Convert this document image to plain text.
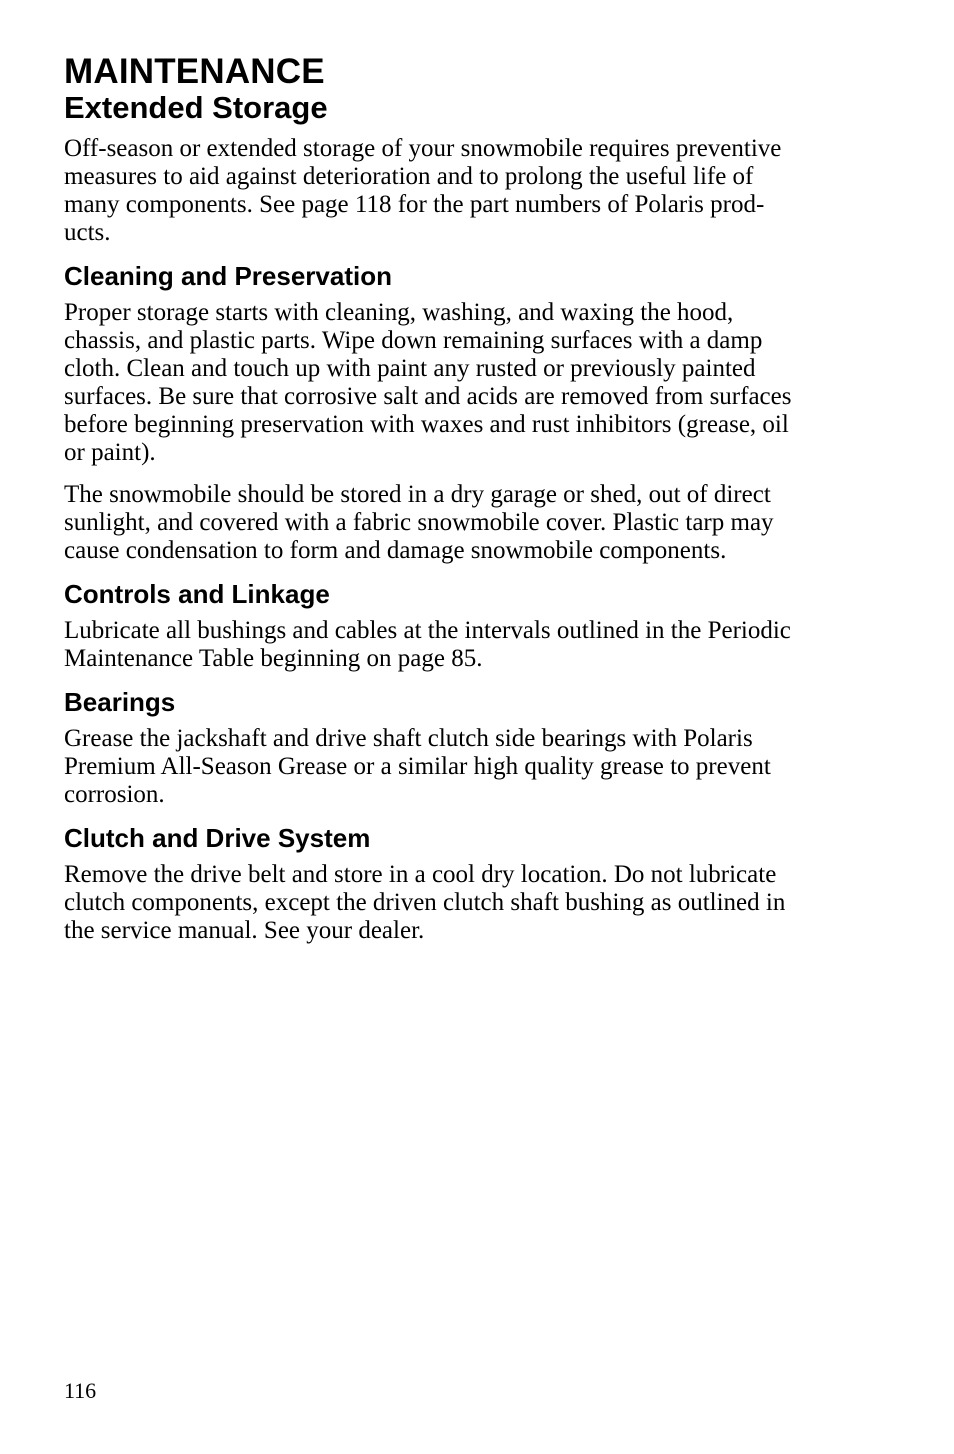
MAINTENANCE
Extended Storage

Off-season or extended storage of your snowmobile requires preventive
measures to aid against deterioration and to prolong the useful life of
many components. See page 118 for the part numbers of Polaris prod-
ucts.

Cleaning and Preservation

Proper storage starts with cleaning, washing, and waxing the hood,
chassis, and plastic parts. Wipe down remaining surfaces with a damp
cloth. Clean and touch up with paint any rusted or previously painted
surfaces. Be sure that corrosive salt and acids are removed from surfaces
before beginning preservation with waxes and rust inhibitors (grease, oil
or paint).

The snowmobile should be stored in a dry garage or shed, out of direct
sunlight, and covered with a fabric snowmobile cover. Plastic tarp may
cause condensation to form and damage snowmobile components.

Controls and Linkage

Lubricate all bushings and cables at the intervals outlined in the Periodic
Maintenance Table beginning on page 85.

Bearings

Grease the jackshaft and drive shaft clutch side bearings with Polaris
Premium All-Season Grease or a similar high quality grease to prevent
corrosion.

Clutch and Drive System

Remove the drive belt and store in a cool dry location. Do not lubricate
clutch components, except the driven clutch shaft bushing as outlined in
the service manual. See your dealer.

116
